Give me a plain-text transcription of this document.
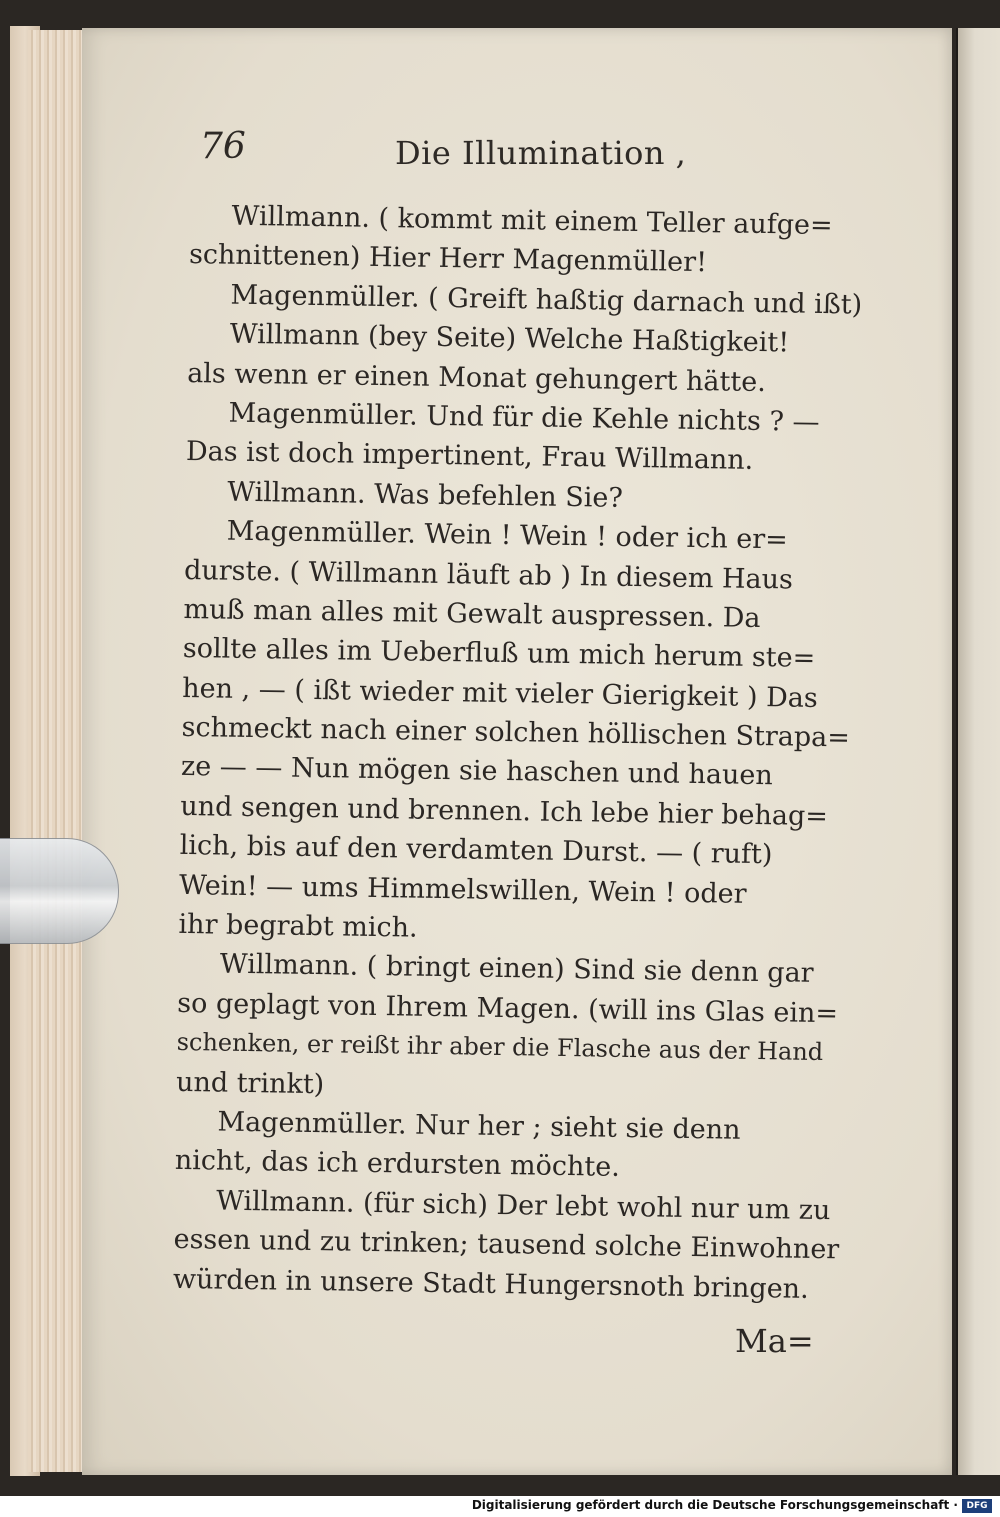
76	Die Illumination ,
Willmann. ( kommt mit einem Teller aufge=
schnittenen) Hier Herr Magenmüller!
Magenmüller. ( Greift haßtig darnach und ißt)
Willmann (bey Seite) Welche Haßtigkeit!
als wenn er einen Monat gehungert hätte.
Magenmüller. Und für die Kehle nichts ? —
Das ist doch impertinent, Frau Willmann.
Willmann. Was befehlen Sie?
Magenmüller. Wein ! Wein ! oder ich er=
durste. ( Willmann läuft ab ) In diesem Haus
muß man alles mit Gewalt auspressen. Da
sollte alles im Ueberfluß um mich herum ste=
hen , — ( ißt wieder mit vieler Gierigkeit ) Das
schmeckt nach einer solchen höllischen Strapa=
ze — — Nun mögen sie haschen und hauen
und sengen und brennen. Ich lebe hier behag=
lich, bis auf den verdamten Durst. — ( ruft)
Wein! — ums Himmelswillen, Wein ! oder
ihr begrabt mich.
Willmann. ( bringt einen) Sind sie denn gar
so geplagt von Ihrem Magen. (will ins Glas ein=
schenken, er reißt ihr aber die Flasche aus der Hand
und trinkt)
Magenmüller. Nur her ; sieht sie denn
nicht, das ich erdursten möchte.
Willmann. (für sich) Der lebt wohl nur um zu
essen und zu trinken; tausend solche Einwohner
würden in unsere Stadt Hungersnoth bringen.
Ma=
Digitalisierung gefördert durch die Deutsche Forschungsgemeinschaft · DFG
